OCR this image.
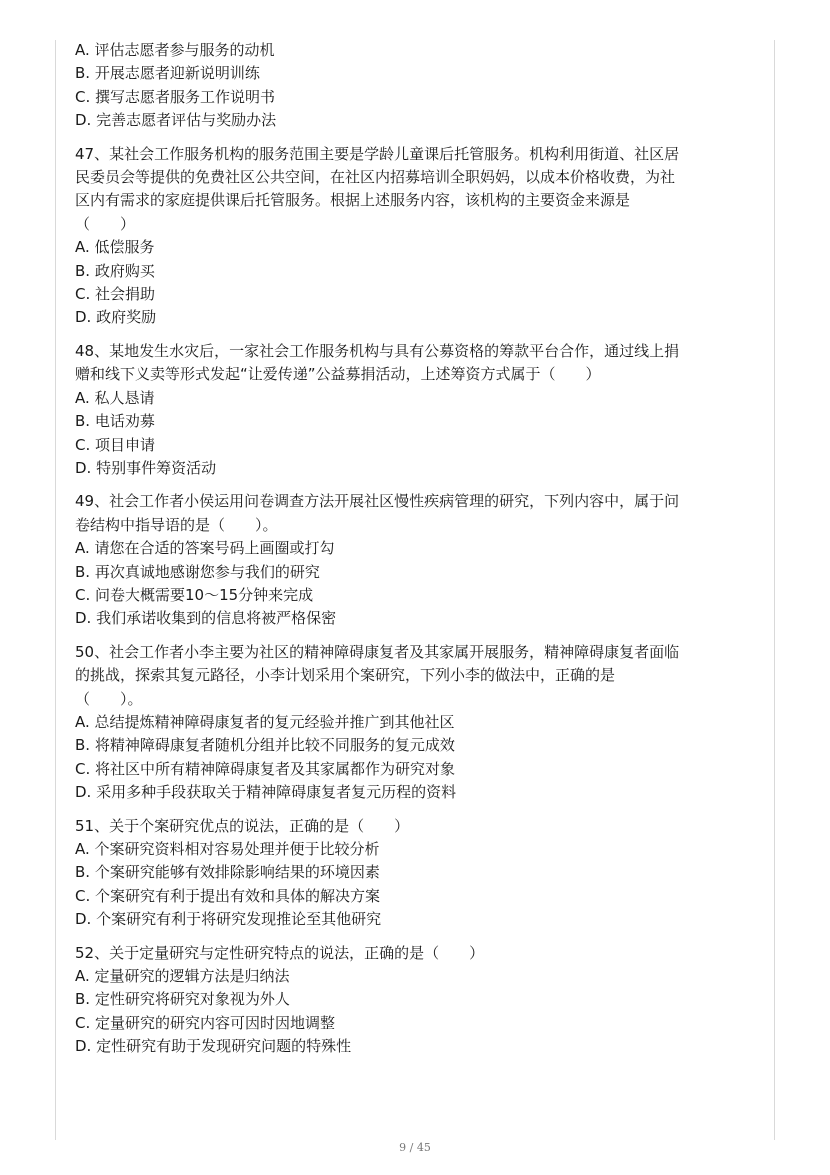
A. 评估志愿者参与服务的动机
B. 开展志愿者迎新说明训练
C. 撰写志愿者服务工作说明书
D. 完善志愿者评估与奖励办法
47、某社会工作服务机构的服务范围主要是学龄儿童课后托管服务。机构利用街道、社区居
民委员会等提供的免费社区公共空间，在社区内招募培训全职妈妈，以成本价格收费，为社
区内有需求的家庭提供课后托管服务。根据上述服务内容，该机构的主要资金来源是
（　　）
A. 低偿服务
B. 政府购买
C. 社会捐助
D. 政府奖励
48、某地发生水灾后，一家社会工作服务机构与具有公募资格的筹款平台合作，通过线上捐
赠和线下义卖等形式发起“让爱传递”公益募捐活动，上述筹资方式属于（　　）
A. 私人恳请
B. 电话劝募
C. 项目申请
D. 特别事件筹资活动
49、社会工作者小侯运用问卷调查方法开展社区慢性疾病管理的研究，下列内容中，属于问
卷结构中指导语的是（　　）。
A. 请您在合适的答案号码上画圈或打勾
B. 再次真诚地感谢您参与我们的研究
C. 问卷大概需要10～15分钟来完成
D. 我们承诺收集到的信息将被严格保密
50、社会工作者小李主要为社区的精神障碍康复者及其家属开展服务，精神障碍康复者面临
的挑战，探索其复元路径，小李计划采用个案研究，下列小李的做法中，正确的是
（　　）。
A. 总结提炼精神障碍康复者的复元经验并推广到其他社区
B. 将精神障碍康复者随机分组并比较不同服务的复元成效
C. 将社区中所有精神障碍康复者及其家属都作为研究对象
D. 采用多种手段获取关于精神障碍康复者复元历程的资料
51、关于个案研究优点的说法，正确的是（　　）
A. 个案研究资料相对容易处理并便于比较分析
B. 个案研究能够有效排除影响结果的环境因素
C. 个案研究有利于提出有效和具体的解决方案
D. 个案研究有利于将研究发现推论至其他研究
52、关于定量研究与定性研究特点的说法，正确的是（　　）
A. 定量研究的逻辑方法是归纳法
B. 定性研究将研究对象视为外人
C. 定量研究的研究内容可因时因地调整
D. 定性研究有助于发现研究问题的特殊性
9 / 45
